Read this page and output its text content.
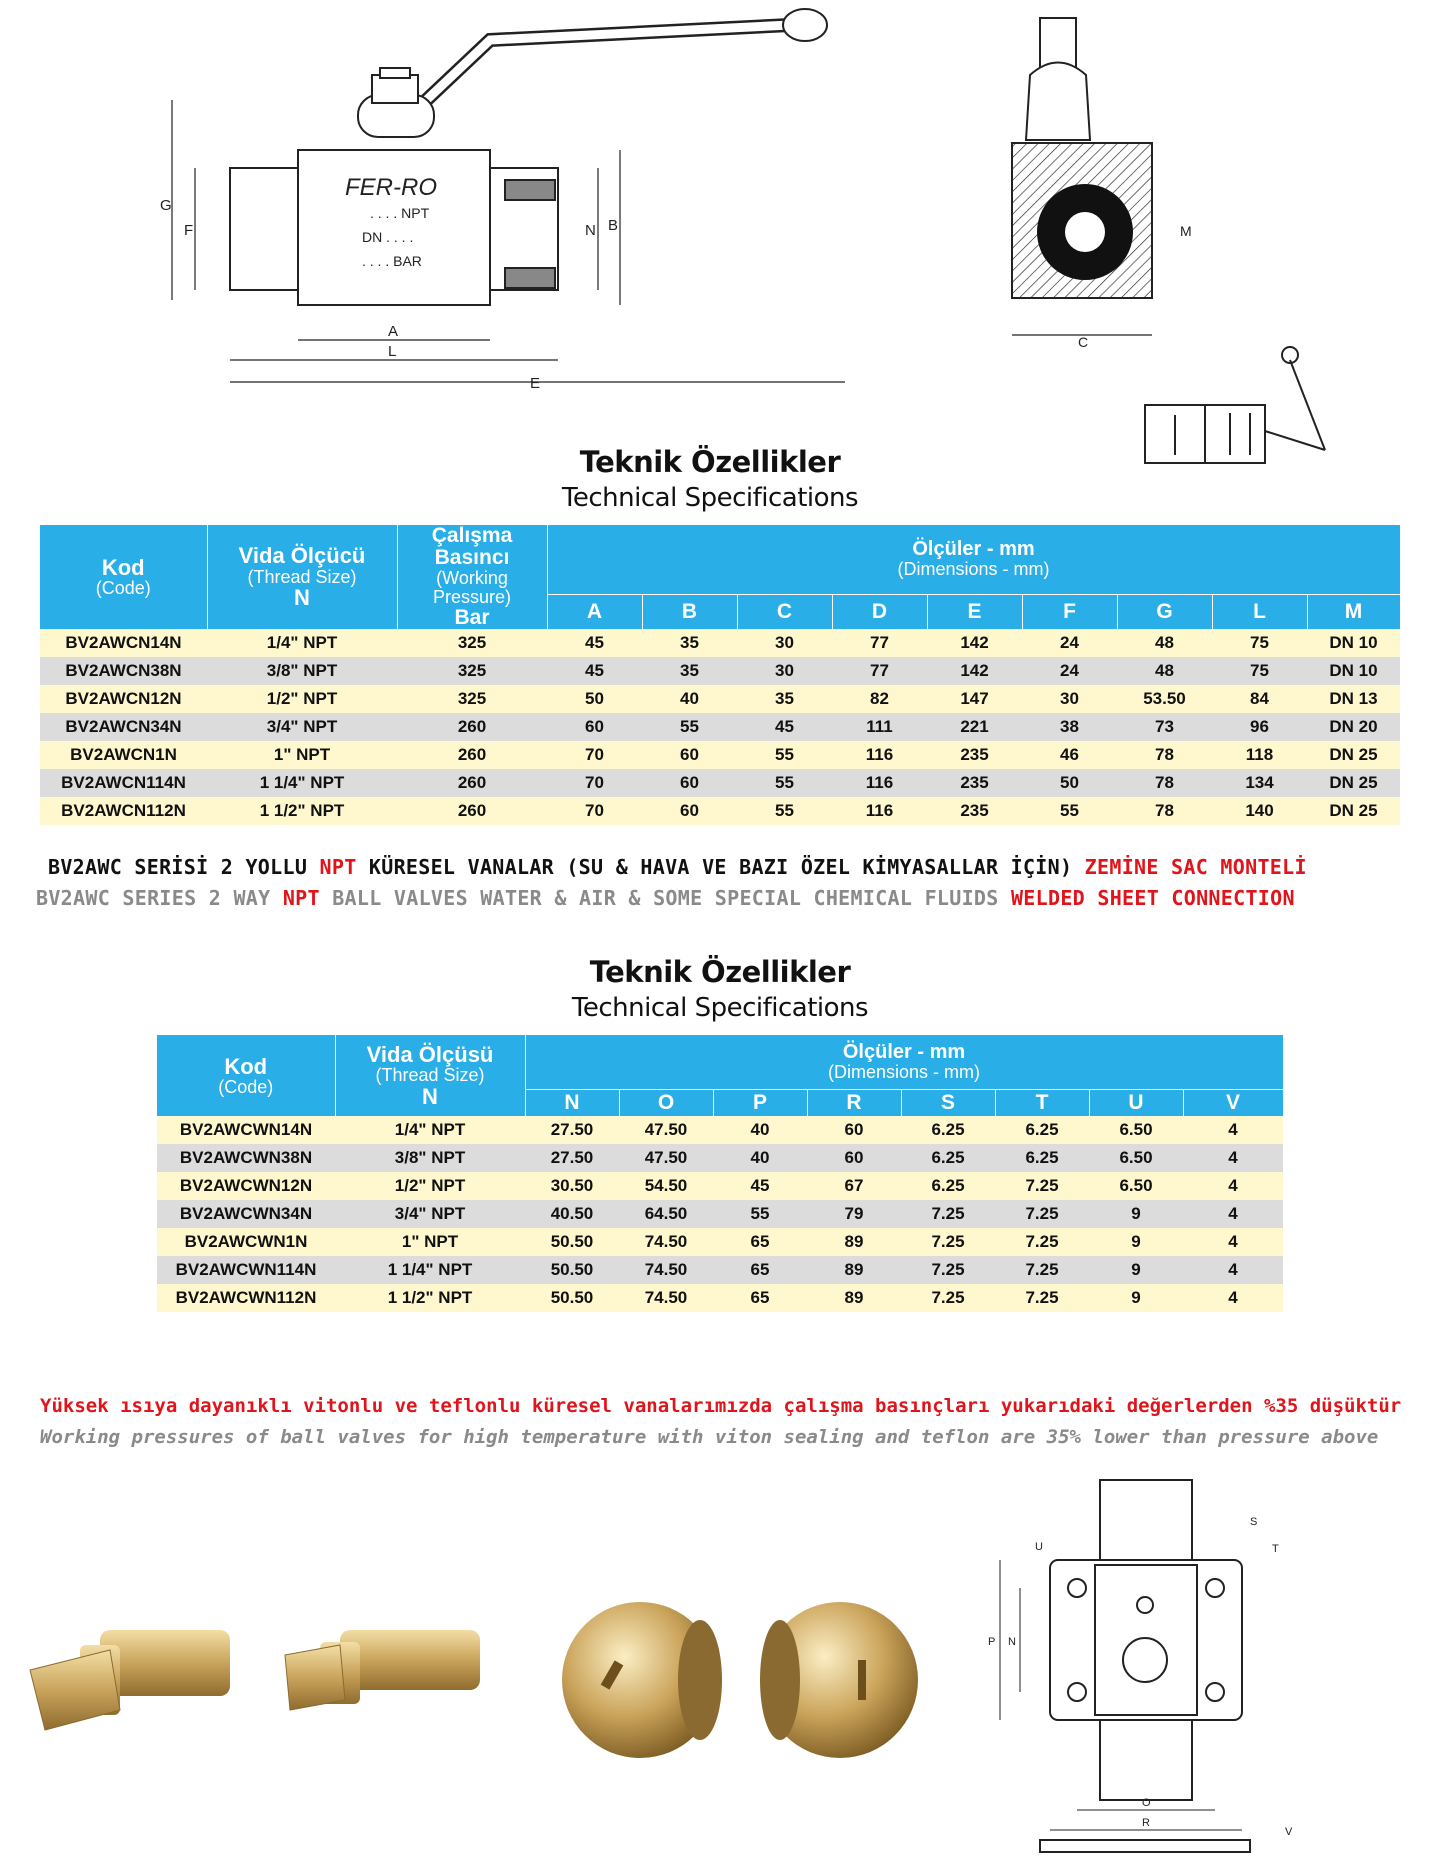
G
F	N B
A
L
E
FER-RO
. . . . NPT
DN . . . .
. . . . BAR
C
M
Teknik Özellikler
Technical Specifications
Kod
(Code)	Vida Ölçücü
(Thread Size)
N	Çalışma Basıncı
(Working Pressure)
Bar	Ölçüler - mm
(Dimensions - mm)								

			A	B	C	D	E	F	G	L	M
BV2AWCN14N	1/4" NPT	325	45	35	30	77	142	24	48	75	DN 10
BV2AWCN38N	3/8" NPT	325	45	35	30	77	142	24	48	75	DN 10
BV2AWCN12N	1/2" NPT	325	50	40	35	82	147	30	53.50	84	DN 13
BV2AWCN34N	3/4" NPT	260	60	55	45	111	221	38	73	96	DN 20
BV2AWCN1N	1" NPT	260	70	60	55	116	235	46	78	118	DN 25
BV2AWCN114N	1 1/4" NPT	260	70	60	55	116	235	50	78	134	DN 25
BV2AWCN112N	1 1/2" NPT	260	70	60	55	116	235	55	78	140	DN 25
BV2AWC SERİSİ 2 YOLLU NPT KÜRESEL VANALAR (SU & HAVA VE BAZI ÖZEL KİMYASALLAR İÇİN) ZEMİNE SAC MONTELİ
BV2AWC SERIES 2 WAY NPT BALL VALVES WATER & AIR & SOME SPECIAL CHEMICAL FLUIDS WELDED SHEET CONNECTION
Teknik Özellikler
Technical Specifications
Kod
(Code)	Vida Ölçüsü
(Thread Size)
N	Ölçüler - mm
(Dimensions - mm)							

		N	O	P	R	S	T	U	V
BV2AWCWN14N	1/4" NPT	27.50	47.50	40	60	6.25	6.25	6.50	4
BV2AWCWN38N	3/8" NPT	27.50	47.50	40	60	6.25	6.25	6.50	4
BV2AWCWN12N	1/2" NPT	30.50	54.50	45	67	6.25	7.25	6.50	4
BV2AWCWN34N	3/4" NPT	40.50	64.50	55	79	7.25	7.25	9	4
BV2AWCWN1N	1" NPT	50.50	74.50	65	89	7.25	7.25	9	4
BV2AWCWN114N	1 1/4" NPT	50.50	74.50	65	89	7.25	7.25	9	4
BV2AWCWN112N	1 1/2" NPT	50.50	74.50	65	89	7.25	7.25	9	4
Yüksek ısıya dayanıklı vitonlu ve teflonlu küresel vanalarımızda çalışma basınçları yukarıdaki değerlerden %35 düşüktür
Working pressures of ball valves for high temperature with viton sealing and teflon are 35% lower than pressure above
U
S
T
P N
O
R
V
